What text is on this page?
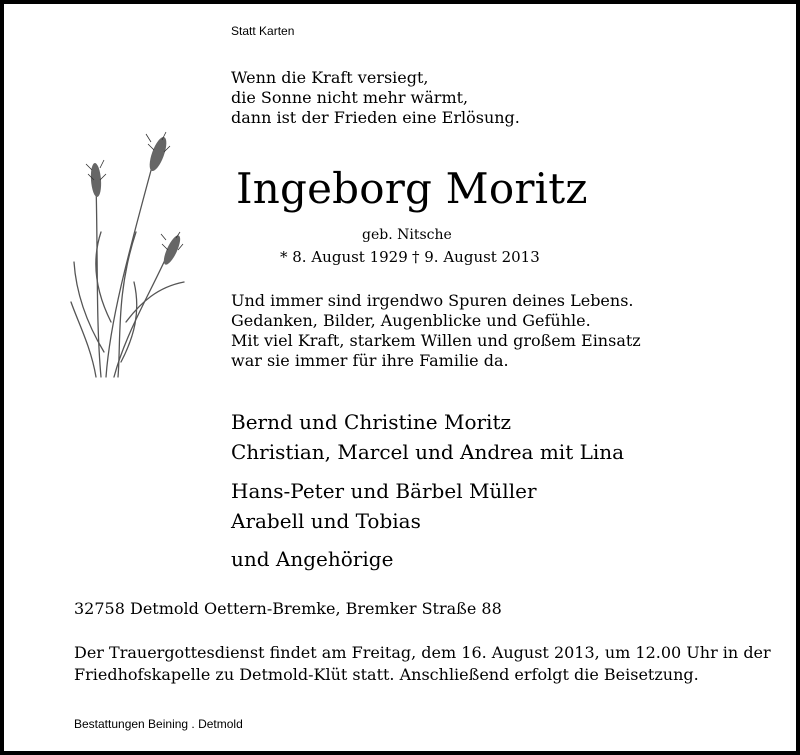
Statt Karten
Wenn die Kraft versiegt,
die Sonne nicht mehr wärmt,
dann ist der Frieden eine Erlösung.
Ingeborg Moritz
geb. Nitsche
* 8. August 1929 † 9. August 2013
Und immer sind irgendwo Spuren deines Lebens.
Gedanken, Bilder, Augenblicke und Gefühle.
Mit viel Kraft, starkem Willen und großem Einsatz
war sie immer für ihre Familie da.
Bernd und Christine Moritz
Christian, Marcel und Andrea mit Lina
Hans-Peter und Bärbel Müller
Arabell und Tobias
und Angehörige
32758 Detmold Oettern-Bremke, Bremker Straße 88
Der Trauergottesdienst findet am Freitag, dem 16. August 2013, um 12.00 Uhr in der
Friedhofskapelle zu Detmold-Klüt statt. Anschließend erfolgt die Beisetzung.
Bestattungen Beining . Detmold
